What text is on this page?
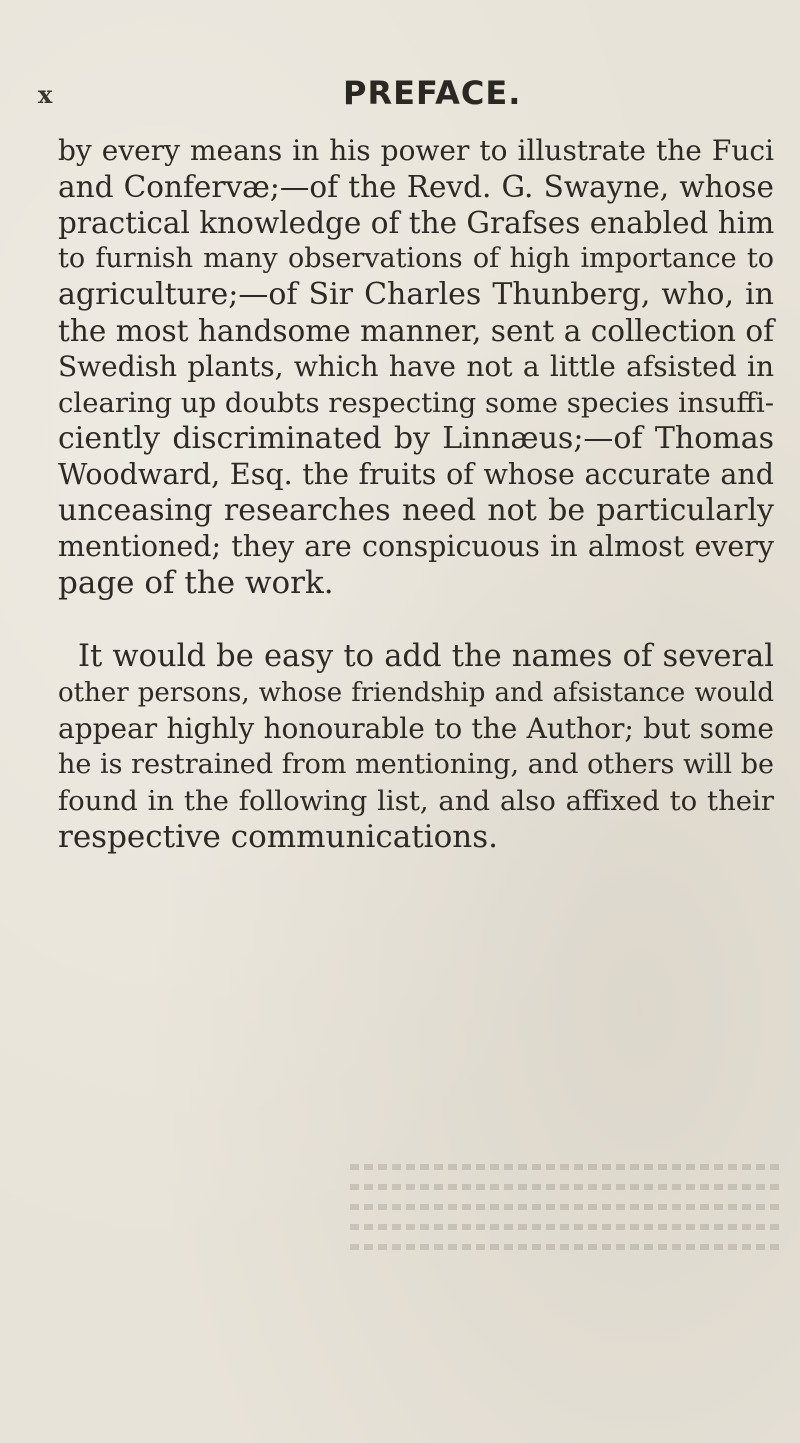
x	PREFACE.
by every means in his power to illustrate the Fuci
and Confervæ;—of the Revd. G. Swayne, whose
practical knowledge of the Grafses enabled him
to furnish many observations of high importance to
agriculture;—of Sir Charles Thunberg, who, in
the most handsome manner, sent a collection of
Swedish plants, which have not a little afsisted in
clearing up doubts respecting some species insuffi-
ciently discriminated by Linnæus;—of Thomas
Woodward, Esq. the fruits of whose accurate and
unceasing researches need not be particularly
mentioned; they are conspicuous in almost every
page of the work.
It would be easy to add the names of several
other persons, whose friendship and afsistance would
appear highly honourable to the Author; but some
he is restrained from mentioning, and others will be
found in the following list, and also affixed to their
respective communications.
